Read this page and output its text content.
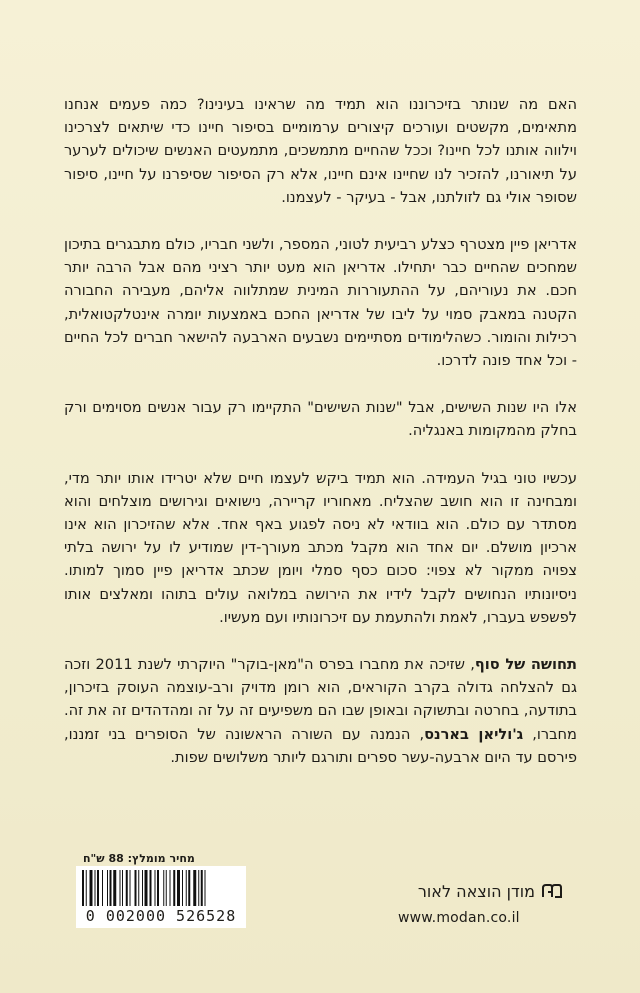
האם מה שנותר בזיכרוננו הוא תמיד מה שראינו בעינינו? כמה פעמים אנחנו מתאימים, מקשטים ועורכים קיצורים ערמומיים בסיפור חיינו כדי שיתאים לצרכינו וילווה אותנו לכל חיינו? וככל שהחיים מתמשכים, מתמעטים האנשים שיכולים לערער על תיאורנו, להזכיר לנו שחיינו אינם חיינו, אלא רק הסיפור שסיפרנו על חיינו, סיפור שסופר אולי גם לזולתנו, אבל - בעיקר - לעצמנו.

אדריאן פיין מצטרף כצלע רביעית לטוני, המספר, ולשני חבריו, כולם מתבגרים בתיכון שמחכים שהחיים כבר יתחילו. אדריאן הוא מעט יותר רציני מהם אבל הרבה יותר חכם. את נעוריהם, על ההתעוררות המינית שמתלווה אליהם, מעבירה החבורה הקטנה במאבק סמוי על ליבו של אדריאן החכם באמצעות יומרה אינטלקטואלית, רכילות והומור. כשהלימודים מסתיימים נשבעים הארבעה להישאר חברים לכל החיים - וכל אחד פונה לדרכו.

אלו היו שנות השישים, אבל "שנות השישים" התקיימו רק עבור אנשים מסוימים ורק בחלק מהמקומות באנגליה.

עכשיו טוני בגיל העמידה. הוא תמיד ביקש לעצמו חיים שלא יטרידו אותו יותר מדי, ומבחינה זו הוא חושב שהצליח. מאחוריו קריירה, נישואים וגירושים מוצלחים והוא מסתדר עם כולם. הוא בוודאי לא ניסה לפגוע באף אחד. אלא שהזיכרון הוא אינו ארכיון מושלם. יום אחד הוא מקבל מכתב מעורך-דין שמודיע לו על ירושה בלתי צפויה ממקור לא צפוי: סכום כסף סמלי ויומן שכתב אדריאן פיין סמוך למותו. ניסיונותיו הנחושים לקבל לידיו את הירושה במלואה עולים בתוהו ומאלצים אותו לפשפש בעברו, לאמת ולהתעמת עם זיכרונותיו ועם מעשיו.

תחושה של סוף, שזיכה את מחברו בפרס ה"מאן-בוקר" היוקרתי לשנת 2011 וזכה גם להצלחה גדולה בקרב הקוראים, הוא רומן מדויק ורב-עוצמה העוסק בזיכרון, בתודעה, בחרטה ובתשוקה ובאופן שבו הם משפיעים זה על זה ומהדהדים זה את זה. מחברו, ג'וליאן בארנס, הנמנה עם השורה הראשונה של הסופרים בני זמננו, פירסם עד היום ארבעה-עשר ספרים ותורגם ליותר משלושים שפות.

מחיר מומלץ: 88 ש"ח
0 002000 526528
מודן הוצאה לאור
www.modan.co.il
